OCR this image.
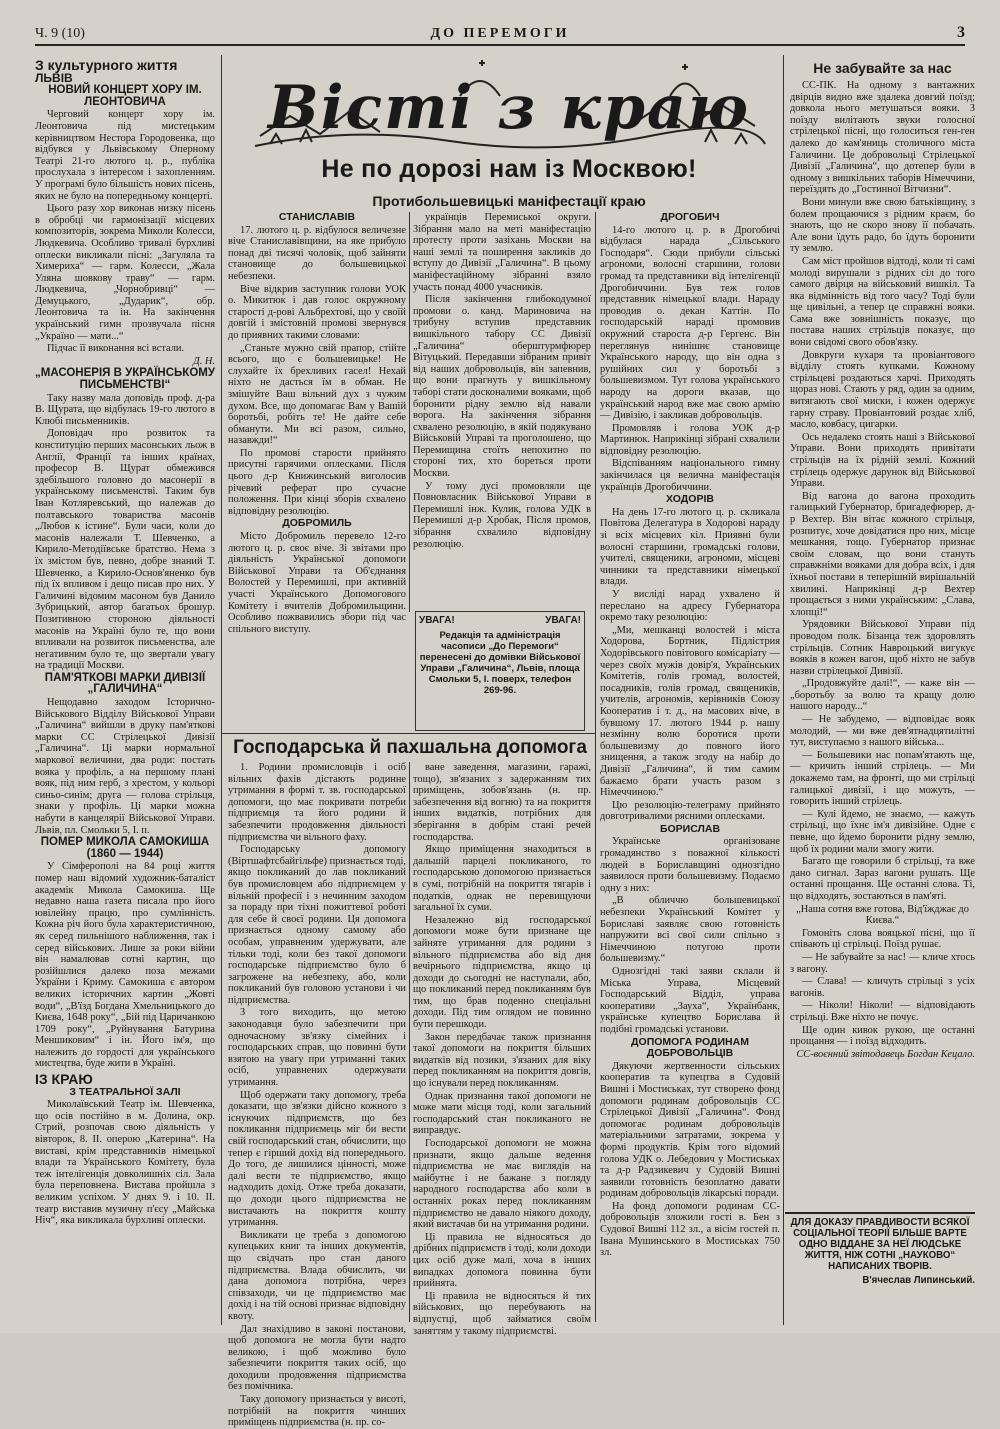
Ч. 9 (10)	ДО ПЕРЕМОГИ	3

З культурного життя

ЛЬВІВ

НОВИЙ КОНЦЕРТ ХОРУ ІМ. ЛЕОНТОВИЧА

Черговий концерт хору ім. Леонтовича під мистецьким керівництвом Нестора Городовенка, що відбувся у Львівському Оперному Театрі 21-го лютого ц. р., публіка прослухала з інтересом і захопленням. У програмі було більшість нових пісень, яких не було на попередньому концерті.

Цього разу хор виконав низку пісень в обробці чи гармонізації місцевих композиторів, зокрема Миколи Колесси, Людкевича. Особливо тривалі бурхливі оплески викликали пісні: „Загуляла та Химериха“ — гарм. Колесси, „Жала Уляна шовкову траву“ — гарм. Людкевича, „Чорнобривці“ — Демуцького, „Дударик“, обр. Леонтовича та ін. На закінчення український гимн прозвучала пісня „Україно — мати...“

Підчас її виконання всі встали.

Д. Н.

„МАСОНЕРІЯ В УКРАЇНСЬКОМУ ПИСЬМЕНСТВІ“

Таку назву мала доповідь проф. д-ра В. Щурата, що відбулась 19-го лютого в Клюбі письменників.

Доповідач про розвиток та конституцію перших масонських льож в Англії, Франції та інших країнах, професор В. Щурат обмежився здебільшого головно до масонерії в українському письменстві. Таким був Іван Котляревський, що належав до полтавського товариства масонів „Любов к істине“. Були часи, коли до масонів належали Т. Шевченко, а Кирило-Методіївське братство. Нема з їх змістом був, певно, добре знаний Т. Шевченко, а Кирило-Основ'яненко був під їх впливом і дещо писав про них. У Галичині відомим масоном був Данило Зубрицький, автор багатьох брошур. Позитивною стороною діяльності масонів на Україні було те, що вони впливали на розвиток письменства, але негативним було те, що звертали увагу на традиції Москви.

ПАМ'ЯТКОВІ МАРКИ ДИВІЗІЇ „ГАЛИЧИНА“

Нещодавно заходом Історично-Військового Відділу Військової Управи „Галичина“ вийшли в друку пам'яткові марки СС Стрілецької Дивізії „Галичина“. Ці марки нормальної маркової величини, два роди: постать вояка у профіль, а на першому плані вояк, під ним герб, з хрестом, у кольорі синьо-синім; друга — голова стрільця, знаки у профіль. Ці марки можна набути в канцелярії Військової Управи. Львів, пл. Смольки 5, І. п.

ПОМЕР МИКОЛА САМОКИША (1860 — 1944)

У Сімферополі на 84 році життя помер наш відомий художник-баталіст академік Микола Самокиша. Ще недавно наша газета писала про його ювілейну працю, про сумлінність. Кожна річ його була характеристичною, як серед пильнішого наближення, так і серед військових. Лише за роки війни він намалював сотні картин, що розійшлися далеко поза межами України і Криму. Самокиша є автором великих історичних картин „Жовті води“, „В'їзд Богдана Хмельницького до Києва, 1648 року“, „Бій під Царичанкою 1709 року“, „Руйнування Батурина Меншиковим“ і ін. Його ім'я, що належить до гордості для українського мистецтва, буде жити в Україні.

ІЗ КРАЮ

З ТЕАТРАЛЬНОЇ ЗАЛІ

Миколаївський Театр ім. Шевченка, що осів постійно в м. Долина, окр. Стрий, розпочав свою діяльність у вівторок, 8. ІІ. оперою „Катерина“. На виставі, крім представників німецької влади та Українського Комітету, була теж інтелігенція довколишніх сіл. Зала була переповнена. Вистава пройшла з великим успіхом. У днях 9. і 10. ІІ. театр виставив музичну п'єсу „Майська Ніч“, яка викликала бурхливі оплески.

Вісті з краю
Не по дорозі нам із Москвою!
Протибольшевицькі маніфестації краю

СТАНИСЛАВІВ

17. лютого ц. р. відбулося величезне віче Станиславівщини, на яке прибуло понад дві тисячі чоловік, щоб зайняти становище до большевицької небезпеки.

Віче відкрив заступник голови УОК о. Микитюк і дав голос окружному старості д-рові Альбрехтові, що у своїй довгій і змістовній промові звернувся до приявних такими словами:

„Станьте мужно свій прапор, стійте всього, що є большевицьке! Не слухайте їх брехливих гасел! Нехай ніхто не дасться їм в обман. Не змішуйте Ваш вільний дух з чужим духом. Все, що допомагає Вам у Вашій боротьбі, робіть те! Не дайте себе обманути. Ми всі разом, сильно, назавжди!“

По промові старости прийнято присутні гарячими оплесками. Після цього д-р Книжинський виголосив річевий реферат про сучасне положення. При кінці зборів схвалено відповідну резолюцію.

ДОБРОМИЛЬ

Місто Добромиль перевело 12-го лютого ц. р. своє віче. Зі звітами про діяльність Української допомоги Військової Управи та Об'єднання Волостей у Перемишлі, при активній участі Українського Допомогового Комітету і вчителів Добромильщини. Особливо пожвавились збори під час спільного виступу.

українців Перемиської округи. Зібрання мало на меті маніфестацію протесту проти зазіхань Москви на наші землі та поширення закликів до вступу до Дивізії „Галичина“. В цьому маніфестаційному зібранні взяло участь понад 4000 учасників.

Після закінчення глибокодумної промови о. канд. Мариновича на трибуну вступив представник вишкільного табору СС Дивізії „Галичина“ оберштурмфюрер Вітуцький. Передавши зібраним привіт від наших добровольців, він запевнив, що вони прагнуть у вишкільному таборі стати досконалими вояками, щоб боронити рідну землю від навали ворога. На закінчення зібрання схвалено резолюцію, в якій подякувано Військовій Управі та проголошено, що Перемищина стоїть непохитно по стороні тих, хто бореться проти Москви.

У тому дусі промовляли ще Повновласник Військової Управи в Перемишлі інж. Кулик, голова УДК в Перемишлі д-р Хробак, Після промов, зібрання схвалило відповідну резолюцію.

УВАГА!	УВАГА!
Редакція та адміністрація часописи „До Перемоги“ перенесені до домівки Військової Управи „Галичина“, Львів, площа Смольки 5, І. поверх, телефон 269-96.

ДРОГОБИЧ

14-го лютого ц. р. в Дрогобичі відбулася нарада „Сільського Господаря“. Сюди прибули сільські агрономи, волосні старшини, голови громад та представники від інтелігенції Дрогобиччини. Був теж голов представник німецької влади. Нараду проводив о. декан Каттін. По господарській нараді промовив окружний староста д-р Гергенс. Він переглянув нинішнє становище Українського народу, що він одна з рушійних сил у боротьбі з большевизмом. Тут голова українського народу на дороги вказав, що український народ вже має свою армію — Дивізію, і закликав добровольців.

Промовляв і голова УОК д-р Мартинюк. Наприкінці зібрані схвалили відповідну резолюцію.

Відспіванням національного гимну закінчилася ця велична маніфестація українців Дрогобиччини.

ХОДОРІВ

На день 17-го лютого ц. р. скликала Повітова Делегатура в Ходорові нараду зі всіх місцевих кіл. Приявні були волосні старшини, громадські голови, учителі, священики, агрономи, місцеві чинники та представники німецької влади.

У висліді нарад ухвалено й переслано на адресу Губернатора окремо таку резолюцію:

„Ми, мешканці волостей і міста Ходорова, Бортник, Підлістрия Ходорівського повітового комісаріату — через своїх мужів довір'я, Українських Комітетів, голів громад, волостей, посадників, голів громад, священиків, учителів, агрономів, керівників Союзу Кооператив і т. д., на масових віче, в бувшому 17. лютого 1944 р. нашу незмінну волю боротися проти большевизму до повного його знищення, а також згоду на набір до Дивізії „Галичина“, й тим самим бажаємо брати участь разом з Німеччиною.“

Цю резолюцію-телеграму прийнято довготривалими рясними оплесками.

БОРИСЛАВ

Українське організоване громадянство з поважної кількості людей в Бориславщині однозгідно заявилося проти большевизму. Подаємо одну з них:

„В обличчю большевицької небезпеки Український Комітет у Бориславі заявляє свою готовність напружити всі свої сили спільно з Німеччиною потугою проти большевизму.“

Однозгідні такі заяви склали й Міська Управа, Місцевий Господарський Відділ, управа кооперативи „Зауха“, Українбанк, українське купецтво Борислава й подібні громадські установи.

ДОПОМОГА РОДИНАМ ДОБРОВОЛЬЦІВ

Дякуючи жертвенности сільських кооператив та купецтва в Судовій Вишні і Мостиськах, тут створено фонд допомоги родинам добровольців СС Стрілецької Дивізії „Галичина“. Фонд допомогає родинам добровольців матеріальними затратами, зокрема у формі продуктів. Крім того відомий голова УДК о. Лебедович у Мостиськах та д-р Радзикевич у Судовій Вишні заявили готовність безоплатно давати родинам добровольців лікарські поради.

На фонд допомоги родинам СС-добровольців зложили гості в. Бен з Судової Вишні 112 зл., а вісім гостей п. Івана Мушинського в Мостиськах 750 зл.

Господарська й пахшальна допомога

1. Родини промисловців і осіб вільних фахів дістають родинне утримання в формі т. зв. господарської допомоги, що має покривати потреби підприємця та його родини й забезпечити продовження діяльності підприємства чи вільного фаху.

Господарську допомогу (Віртшафтсбайгільфе) признається тоді, якщо покликаний до лав покликаний був промисловцем або підприємцем у вільній професії і з нечинним заходом за пораду при тіхні пожиттевої роботі для себе й своєї родини. Ця допомога признається одному самому або особам, управненим удержувати, але тільки тоді, коли без такої допомоги господарське підприємство було б загрожене на небезпеку, або, коли покликаний був головою установи і чи підприємства.

З того виходить, що метою законодавця було забезпечити при одночасному зв'язку сімейних і господарських справ, що повинні бути взятою на увагу при утриманні таких осіб, управнених одержувати утримання.

Щоб одержати таку допомогу, треба доказати, що зв'язки дійсно кожного з існуючих підприємств, що без покликання підприємець міг би вести свій господарський стан, обчислити, що тепер є гірший дохід від попереднього. До того, де лишилися цінності, може далі вести те підприємство, якщо надходить дохід. Отже треба доказати, що доходи цього підприємства не вистачають на покриття кошту утримання.

Викликати це треба з допомогою купецьких книг та інших документів, що свідчать про стан даного підприємства. Влада обчислить, чи дана допомога потрібна, через співзаходи, чи це підприємство має дохід і на тій основі признає відповідну квоту.

Дал знахідливо в законі постанови, щоб допомога не могла бути надто великою, і щоб можливо було забезпечити покриття таких осіб, що доходили продовження підприємства без помічника.

Таку допомогу признається у висоті, потрібній на покриття чинших приміщень підприємства (н. пр. со-

ване заведення, магазини, гаражі, тощо), зв'язаних з задержанням тих приміщень, зобов'язань (н. пр. забезпечення від вогню) та на покриття інших видатків, потрібних для зберігання в добрім стані речей господарства.

Якщо приміщення знаходиться в дальшій парцелі покликаного, то господарською допомогою признається в сумі, потрібній на покриття тягарів і податків, однак не перевищуючи загальної їх суми.

Незалежно від господарської допомоги може бути признане ще зайняте утримання для родини з вільного підприємства або від дня вечірнього підприємства, якщо ці доходи до сьогодні не наступали, або, що покликаний перед покликанням був тим, що брав поденно спеціальні доходи. Під тим оглядом не повинно бути перешкоди.

Закон передбачає також признання такої допомоги на покриття більших видатків від позики, з'язаних для віку перед покликанням на покриття довгів, що існували перед покликанням.

Однак признання такої допомоги не може мати місця тоді, коли загальний господарський стан покликаного не виправдує.

Господарської допомоги не можна признати, якщо дальше ведення підприємства не має виглядів на майбутнє і не бажане з погляду народного господарства або коли в останніх роках перед покликанням підприємство не давало ніякого доходу, який вистачав би на утримання родини.

Ці правила не відносяться до дрібних підприємств і тоді, коли доходи цих осіб дуже малі, хоча в інших випадках допомога повинна бути прийнята.

Ці правила не відносяться й тих військових, що перебувають на відпустці, щоб займатися своїм заняттям у такому підприємстві.

Не забувайте за нас

СС-ПК. На одному з вантажних двірців видно вже здалека довгий поїзд; довкола нього метушаться вояки. З поїзду вилітають звуки голосної стрілецької пісні, що голоситься ген-ген далеко до кам'яниць столичного міста Галичини. Це добровольці Стрілецької Дивізії „Галичина“, що дотепер були в одному з вишкільних таборів Німеччини, переїздять до „Гостинної Вітчизни“.

Вони минули вже свою батьківщину, з болем прощаючися з рідним краєм, бо знають, що не скоро знову її побачать. Але вони їдуть радо, бо їдуть боронити ту землю.

Сам міст пройшов відтоді, коли ті самі молоді вирушали з рідних сіл до того самого двірця на військовий вишкіл. Та яка відмінність від того часу? Тоді були ще цивільні, а тепер це справжні вояки. Сама вже зовнішність показує, що постава наших стрільців показує, що вони свідомі свого обов'язку.

Довкруги кухаря та провіантового відділу стоять купками. Кожному стрільцеві роздаються харчі. Приходять щораз нові. Стають у ряд, один за одним, витягають свої миски, і кожен одержує гарну страву. Провіантовий роздає хліб, масло, ковбасу, цигарки.

Ось недалеко стоять наші з Військової Управи. Вони приходять привітати стрільців на їх рідній землі. Кожний стрілець одержує дарунок від Військової Управи.

Від вагона до вагона проходить галицький Губернатор, бригадефюрер, д-р Вехтер. Він вітає кожного стрільця, розпитує, хоче довідатися про них, місце мешкання, тощо. Губернатор признає своїм словам, що вони стануть справжніми вояками для добра всіх, і для їхньої постави в теперішній вирішальній хвилині. Наприкінці д-р Вехтер прощається з ними українським: „Слава, хлопці!“

Урядовики Військової Управи під проводом полк. Бізанца теж здоровлять стрільців. Сотник Навроцький вигукує вояків в кожен вагон, щоб ніхто не забув назви стрілецької Дивізії.

„Продовжуйте далі!“, — каже він — „боротьбу за волю та кращу долю нашого народу...“

— Не забудемо, — відповідає вояк молодий, — ми вже дев'ятнадцятилітні тут, виступаємо з нашого війська...

— Большевики нас попам'ятають ще, — кричить інший стрілець. — Ми докажемо там, на фронті, що ми стрільці галицької дивізії, і що можуть, — говорить інший стрілець.

— Кулі йдемо, не знаємо, — кажуть стрільці, що їхнє ім'я дивізійне. Одне є певне, що йдемо боронити рідну землю, щоб їх родини мали змогу жити.

Багато ще говорили б стрільці, та вже дано сигнал. Зараз вагони рушать. Ще останні прощання. Ще останні слова. Ті, що відходять, зостаються в пам'яті.

„Наша сотня вже готова, Від'їжджає до Києва.“

Гомоніть слова вояцької пісні, що її співають ці стрільці. Поїзд рушає.

— Не забувайте за нас! — кличе хтось з вагону.

— Слава! — кличуть стрільці з усіх вагонів.

— Ніколи! Ніколи! — відповідають стрільці. Вже ніхто не почує.

Ще один кивок рукою, ще останні прощання — і поїзд відходить.

СС-воєнний звітодавець Богдан Кецало.

ДЛЯ ДОКАЗУ ПРАВДИВОСТИ ВСЯКОЇ СОЦІАЛЬНОЇ ТЕОРІЇ БІЛЬШЕ ВАРТЕ ОДНО ВІДДАНЕ ЗА НЕЇ ЛЮДСЬКЕ ЖИТТЯ, НІЖ СОТНІ „НАУКОВО“ НАПИСАНИХ ТВОРІВ.
В'ячеслав Липинський.
